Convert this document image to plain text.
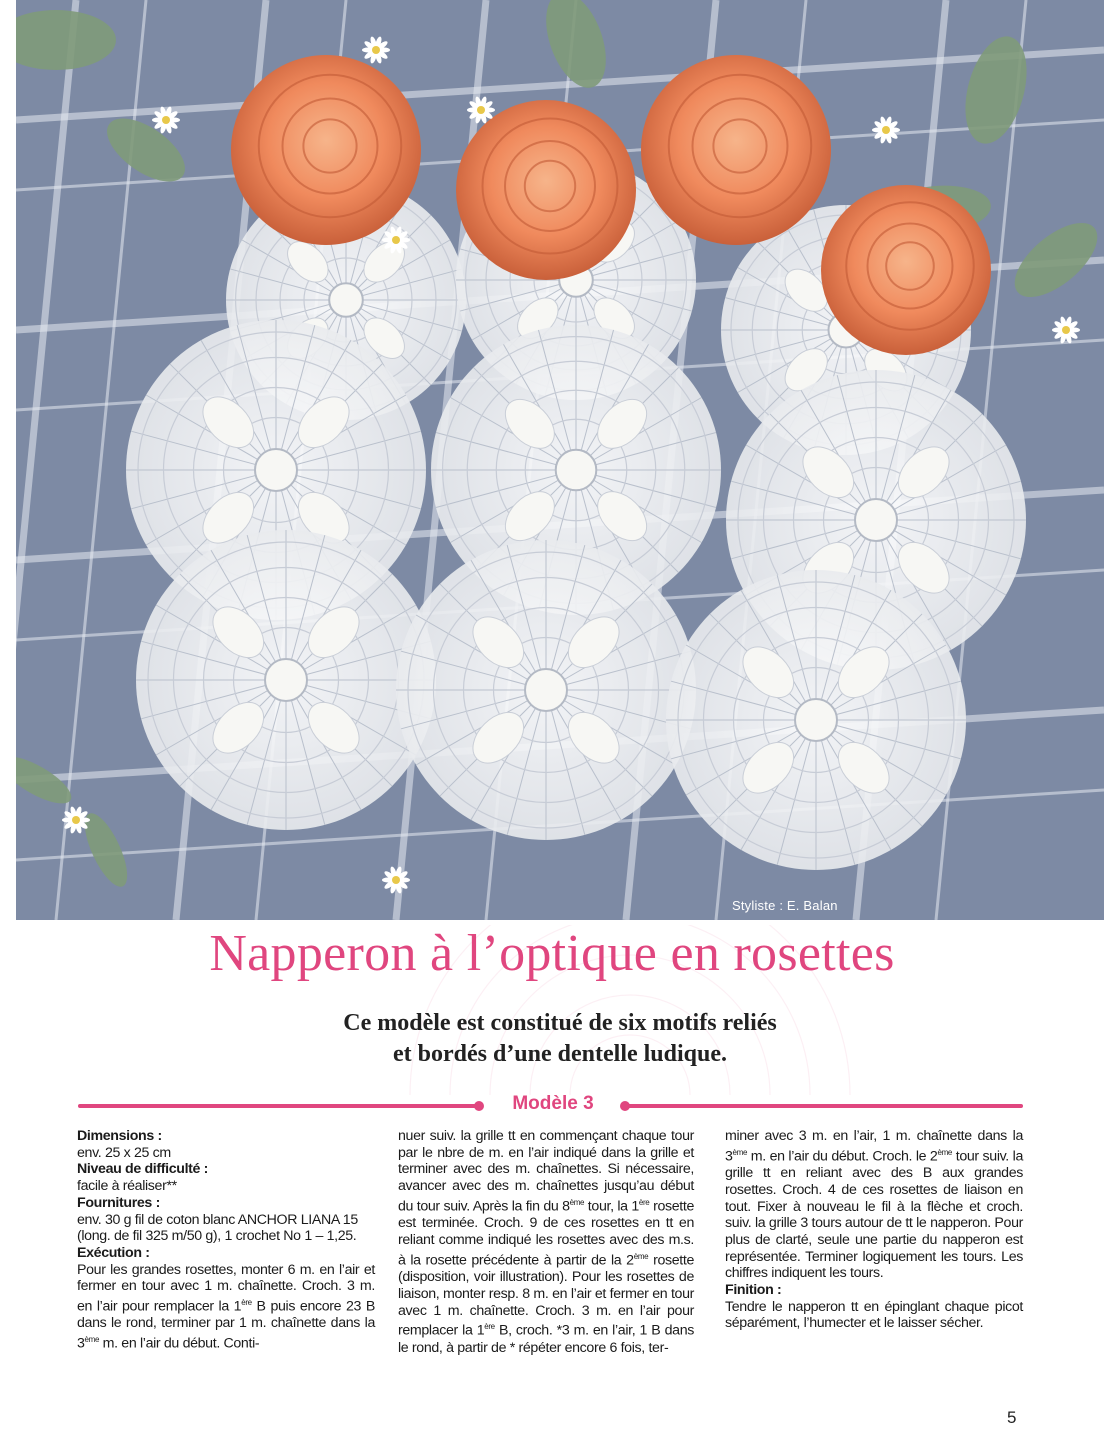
Styliste : E. Balan
Napperon à l’optique en rosettes
Ce modèle est constitué de six motifs reliés
et bordés d’une dentelle ludique.
Modèle 3

Dimensions :

env. 25 x 25 cm

Niveau de difficulté :

facile à réaliser**

Fournitures :

env. 30 g fil de coton blanc ANCHOR LIANA 15 (long. de fil 325 m/50 g), 1 crochet No 1 – 1,25.

Exécution :

Pour les grandes rosettes, monter 6 m. en l’air et fermer en tour avec 1 m. chaînette. Croch. 3 m. en l’air pour remplacer la 1ère B puis encore 23 B dans le rond, terminer par 1 m. chaînette dans la 3ème m. en l’air du début. Conti-

nuer suiv. la grille tt en commençant chaque tour par le nbre de m. en l’air indiqué dans la grille et terminer avec des m. chaînettes. Si nécessaire, avancer avec des m. chaînettes jusqu’au début du tour suiv. Après la fin du 8ème tour, la 1ère rosette est terminée. Croch. 9 de ces rosettes en tt en reliant comme indiqué les rosettes avec des m.s. à la rosette précédente à partir de la 2ème rosette (disposition, voir illustration). Pour les rosettes de liaison, monter resp. 8 m. en l’air et fermer en tour avec 1 m. chaînette. Croch. 3 m. en l’air pour remplacer la 1ère B, croch. *3 m. en l’air, 1 B dans le rond, à partir de * répéter encore 6 fois, ter-

miner avec 3 m. en l’air, 1 m. chaînette dans la 3ème m. en l’air du début. Croch. le 2ème tour suiv. la grille tt en reliant avec des B aux grandes rosettes. Croch. 4 de ces rosettes de liaison en tout. Fixer à nouveau le fil à la flèche et croch. suiv. la grille 3 tours autour de tt le napperon. Pour plus de clarté, seule une partie du napperon est représentée. Terminer logiquement les tours. Les chiffres indiquent les tours.

Finition :

Tendre le napperon tt en épinglant chaque picot séparément, l’humecter et le laisser sécher.

5
